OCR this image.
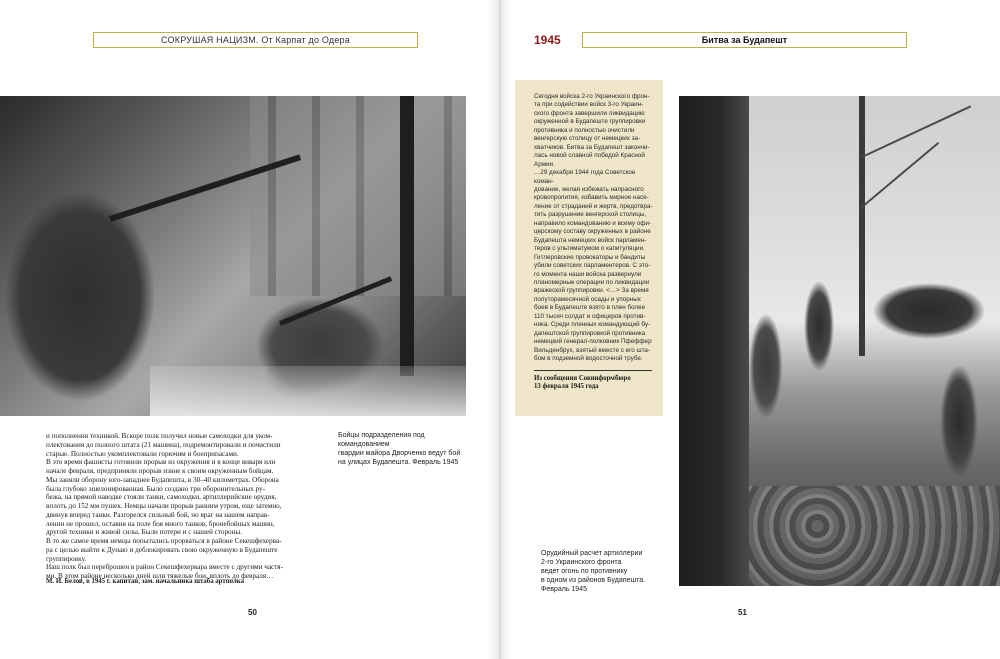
СОКРУШАЯ НАЦИЗМ. От Карпат до Одера

и пополнения техникой. Вскоре полк получил новые самоходки для уком-

плектования до полного штата (21 машина), подремонтировали и почистили

старые. Полностью укомплектовали горючим и боеприпасами.

В это время фашисты готовили прорыв из окружения и в конце января или

начале февраля, предприняли прорыв извне к своим окруженным бойцам.

Мы заняли оборону юго-западнее Будапешта, в 30–40 километрах. Оборона

была глубоко эшелонированная. Было создано три оборонительных ру-

бежа, на прямой наводке стояли танки, самоходки, артиллерийские орудия,

вплоть до 152 мм пушек. Немцы начали прорыв ранним утром, еще затемно,

двинув вперед танки. Разгорелся сильный бой, но враг на нашем направ-

лении не прошел, оставив на поле боя много танков, бронебойных машин,

другой техники и живой силы. Были потери и с нашей стороны.

В то же самое время немцы попытались прорваться в районе Секешфехерва-

ра с целью выйти к Дунаю и деблокировать свою окруженную в Будапеште

группировку.

Наш полк был переброшен в район Секешфехервара вместе с другими частя-

ми. В этом районе несколько дней шли тяжелые бои, вплоть до февраля…

М. И. Белов, в 1945 г. капитан, зам. начальника штаба артполка
Бойцы подразделения под командованием
гвардии майора Дворченко ведут бой
на улицах Будапешта. Февраль 1945
50
1945	Битва за Будапешт
Сегодня войска 2-го Украинского фрон-
та при содействии войск 3-го Украин-
ского фронта завершили ликвидацию
окруженной в Будапеште группировки
противника и полностью очистили
венгерскую столицу от немецких за-
хватчиков. Битва за Будапешт закончи-
лась новой славной победой Красной
Армии.
…29 декабря 1944 года Советское коман-
дование, желая избежать напрасного
кровопролития, избавить мирное насе-
ление от страданий и жертв, предотвра-
тить разрушение венгерской столицы,
направило командованию и всему офи-
церскому составу окруженных в районе
Будапешта немецких войск парламен-
теров с ультиматумом о капитуляции.
Гитлеровские провокаторы и бандиты
убили советских парламентеров. С это-
го момента наши войска развернули
планомерные операции по ликвидации
вражеской группировки. <…> За время
полуторамесячной осады и упорных
боев в Будапеште взято в плен более
110 тысяч солдат и офицеров против-
ника. Среди пленных командующий бу-
дапештской группировкой противника
немецкий генерал-полковник Пфеффер
Вильденбрух, взятый вместе с его шта-
бом в подземной водосточной трубе.
Из сообщения Совинформбюро
13 февраля 1945 года
Орудийный расчет артиллерии
2-го Украинского фронта
ведет огонь по противнику
в одном из районов Будапешта.
Февраль 1945
51
